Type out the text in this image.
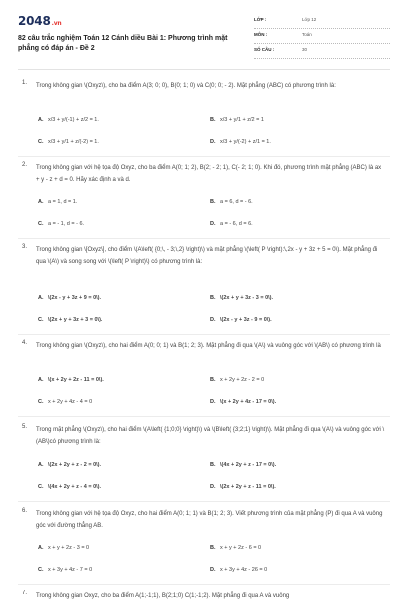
2048.vn
82 câu trắc nghiệm Toán 12 Cánh diều Bài 1: Phương trình mặt phẳng có đáp án - Đề 2
LỚP :	Lớp 12
MÔN :	Toán
SỐ CÂU :	30
1. Trong không gian \(Oxyz\), cho ba điểm A(3; 0; 0), B(0; 1; 0) và C(0; 0; - 2). Mặt phẳng (ABC) có phương trình là:
A. x/3 + y/(-1) + z/2 = 1.	B. x/3 + y/1 + z/2 = 1
C. x/3 + y/1 + z/(-2) = 1.	D. x/3 + y/(-2) + z/1 = 1.
2. Trong không gian với hệ tọa độ Oxyz, cho ba điểm A(0; 1; 2), B(2; - 2; 1), C(- 2; 1; 0). Khi đó, phương trình mặt phẳng (ABC) là ax + y - z + d = 0. Hãy xác định a và d.
A. a = 1, d = 1.	B. a = 6, d = - 6.
C. a = - 1, d = - 6.	D. a = - 6, d = 6.
3. Trong không gian \[Oxyz\], cho điểm \(A\left( {0;\, - 3;\,2} \right)\) và mặt phẳng \(\left( P \right):\,2x - y + 3z + 5 = 0\). Mặt phẳng đi qua \(A\) và song song với \(\left( P \right)\) có phương trình là:
A. \(2x - y + 3z + 9 = 0\).	B. \(2x + y + 3z - 3 = 0\).
C. \(2x + y + 3z + 3 = 0\).	D. \(2x - y + 3z - 9 = 0\).
4. Trong không gian \(Oxyz\), cho hai điểm A(0; 0; 1) và B(1; 2; 3). Mặt phẳng đi qua \(A\) và vuông góc với \(AB\) có phương trình là
A. \(x + 2y + 2z - 11 = 0\).	B. x + 2y + 2z - 2 = 0
C. x + 2y + 4z - 4 = 0	D. \(x + 2y + 4z - 17 = 0\).
5. Trong mặt phẳng \(Oxyz\), cho hai điểm \(A\left( {1;0;0} \right)\) và \(B\left( {3;2;1} \right)\). Mặt phẳng đi qua \(A\) và vuông góc với \(AB\)có phương trình là:
A. \(2x + 2y + z - 2 = 0\).	B. \(4x + 2y + z - 17 = 0\).
C. \(4x + 2y + z - 4 = 0\).	D. \(2x + 2y + z - 11 = 0\).
6. Trong không gian với hệ tọa độ Oxyz, cho hai điểm A(0; 1; 1) và B(1; 2; 3). Viết phương trình của mặt phẳng (P) đi qua A và vuông góc với đường thẳng AB.
A. x + y + 2z - 3 = 0	B. x + y + 2z - 6 = 0
C. x + 3y + 4z - 7 = 0	D. x + 3y + 4z - 26 = 0
7. Trong không gian Oxyz, cho ba điểm A(1;-1;1), B(2;1;0) C(1;-1;2). Mặt phẳng đi qua A và vuông
